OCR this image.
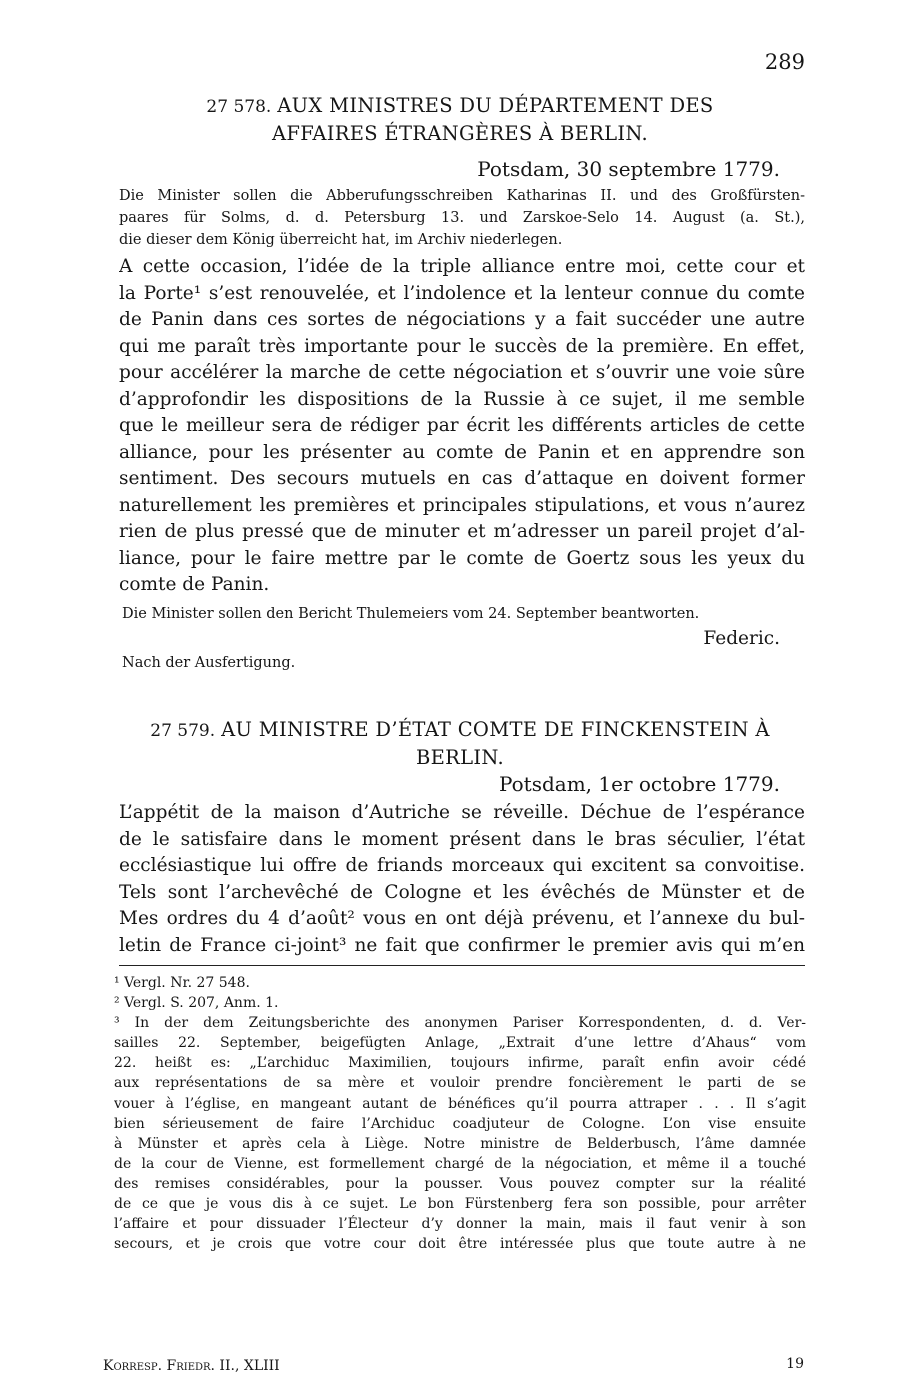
289
27 578. AUX MINISTRES DU DÉPARTEMENT DES
AFFAIRES ÉTRANGÈRES À BERLIN.
Potsdam, 30 septembre 1779.
Die Minister sollen die Abberufungsschreiben Katharinas II. und des Großfürsten-
paares für Solms, d. d. Petersburg 13. und Zarskoe-Selo 14. August (a. St.),
die dieser dem König überreicht hat, im Archiv niederlegen.
A cette occasion, l’idée de la triple alliance entre moi, cette cour et
la Porte¹ s’est renouvelée, et l’indolence et la lenteur connue du comte
de Panin dans ces sortes de négociations y a fait succéder une autre
qui me paraît très importante pour le succès de la première. En effet,
pour accélérer la marche de cette négociation et s’ouvrir une voie sûre
d’approfondir les dispositions de la Russie à ce sujet, il me semble
que le meilleur sera de rédiger par écrit les différents articles de cette
alliance, pour les présenter au comte de Panin et en apprendre son
sentiment. Des secours mutuels en cas d’attaque en doivent former
naturellement les premières et principales stipulations, et vous n’aurez
rien de plus pressé que de minuter et m’adresser un pareil projet d’al-
liance, pour le faire mettre par le comte de Goertz sous les yeux du
comte de Panin.
Die Minister sollen den Bericht Thulemeiers vom 24. September beantworten.
Federic.
Nach der Ausfertigung.
27 579. AU MINISTRE D’ÉTAT COMTE DE FINCKENSTEIN À
BERLIN.
Potsdam, 1er octobre 1779.
L’appétit de la maison d’Autriche se réveille. Déchue de l’espérance
de le satisfaire dans le moment présent dans le bras séculier, l’état
ecclésiastique lui offre de friands morceaux qui excitent sa convoitise.
Tels sont l’archevêché de Cologne et les évêchés de Münster et de
Mes ordres du 4 d’août² vous en ont déjà prévenu, et l’annexe du bul-
letin de France ci-joint³ ne fait que confirmer le premier avis qui m’en
¹ Vergl. Nr. 27 548.
² Vergl. S. 207, Anm. 1.
³ In der dem Zeitungsberichte des anonymen Pariser Korrespondenten, d. d. Ver-
sailles 22. September, beigefügten Anlage, „Extrait d’une lettre d’Ahaus“ vom
22. heißt es: „L’archiduc Maximilien, toujours infirme, paraît enfin avoir cédé
aux représentations de sa mère et vouloir prendre foncièrement le parti de se
vouer à l’église, en mangeant autant de bénéfices qu’il pourra attraper . . . Il s’agit
bien sérieusement de faire l’Archiduc coadjuteur de Cologne. L’on vise ensuite
à Münster et après cela à Liège. Notre ministre de Belderbusch, l’âme damnée
de la cour de Vienne, est formellement chargé de la négociation, et même il a touché
des remises considérables, pour la pousser. Vous pouvez compter sur la réalité
de ce que je vous dis à ce sujet. Le bon Fürstenberg fera son possible, pour arrêter
l’affaire et pour dissuader l’Électeur d’y donner la main, mais il faut venir à son
secours, et je crois que votre cour doit être intéressée plus que toute autre à ne
Korresp. Friedr. II., XLIII	19
